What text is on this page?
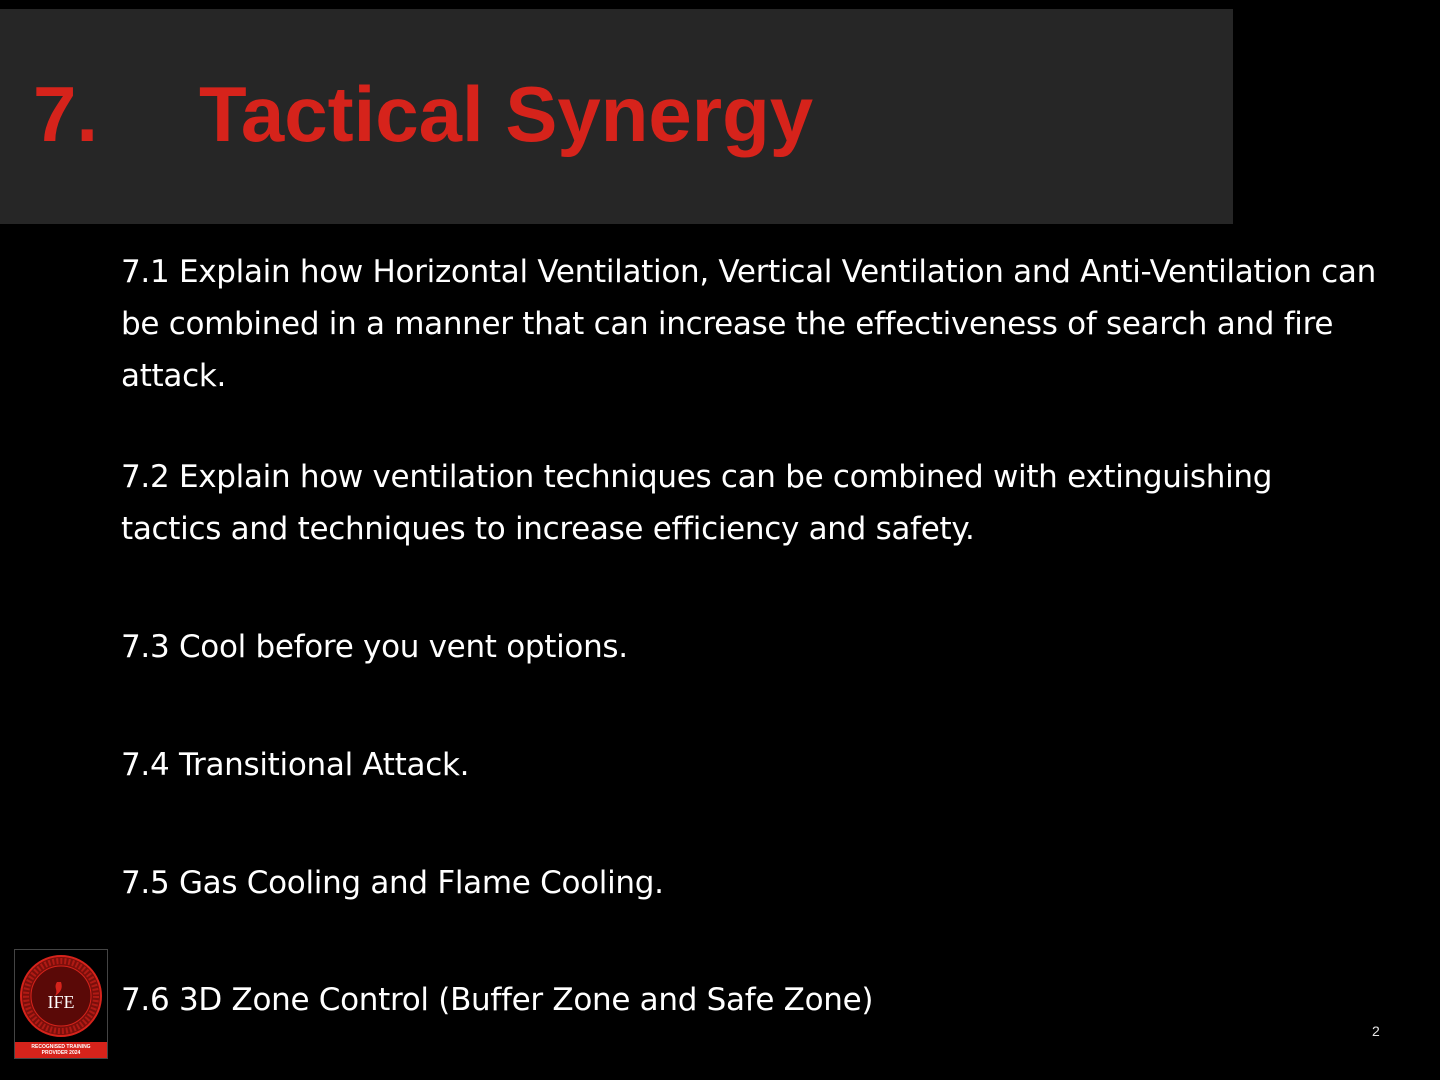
7. Tactical Synergy
7.1 Explain how Horizontal Ventilation, Vertical Ventilation and Anti-Ventilation can be combined in a manner that can increase the effectiveness of search and fire attack.
7.2 Explain how ventilation techniques can be combined with extinguishing tactics and techniques to increase efficiency and safety.
7.3 Cool before you vent options.
7.4 Transitional Attack.
7.5 Gas Cooling and Flame Cooling.
7.6 3D Zone Control (Buffer Zone and Safe Zone)
IFE
RECOGNISED TRAINING
PROVIDER 2024
2
